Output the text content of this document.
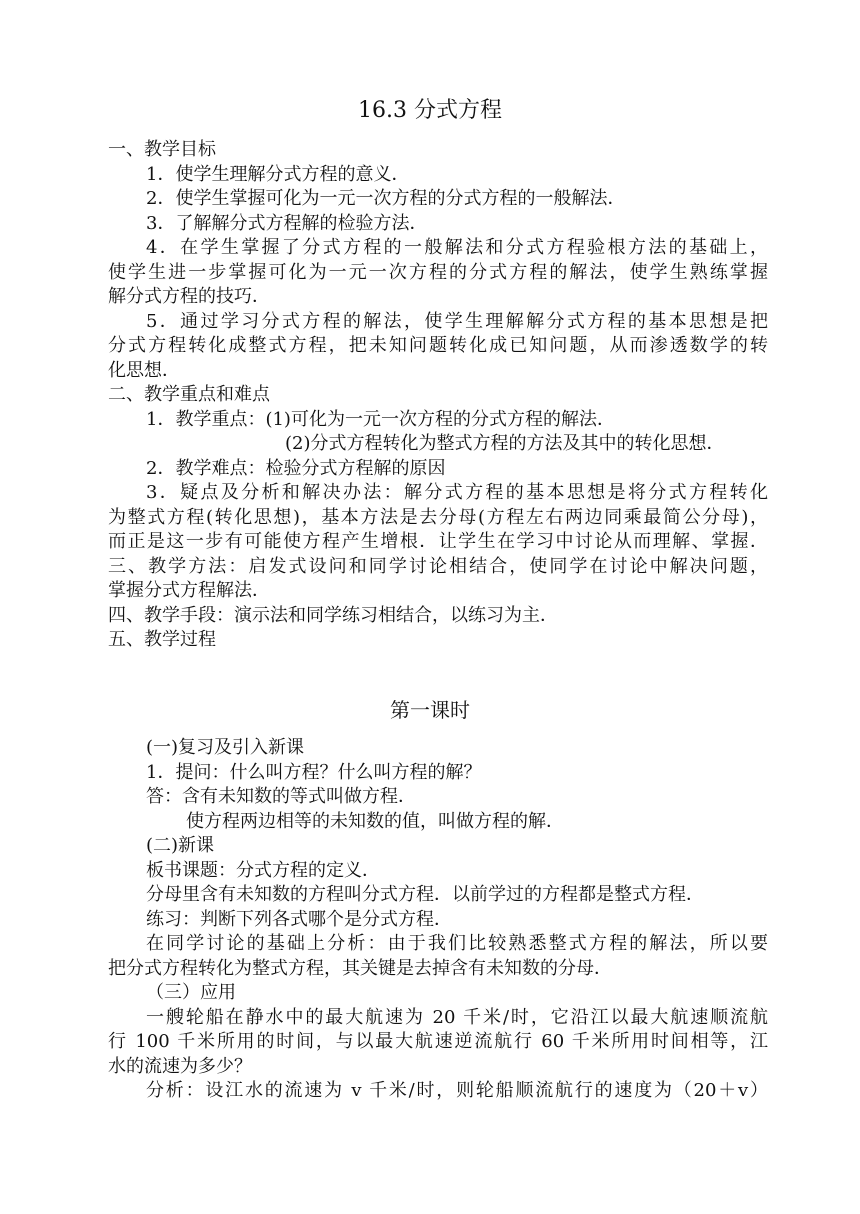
16.3 分式方程
一、教学目标
1．使学生理解分式方程的意义．
2．使学生掌握可化为一元一次方程的分式方程的一般解法．
3．了解解分式方程解的检验方法．
4．在学生掌握了分式方程的一般解法和分式方程验根方法的基础上，
使学生进一步掌握可化为一元一次方程的分式方程的解法，使学生熟练掌握
解分式方程的技巧．
5．通过学习分式方程的解法，使学生理解解分式方程的基本思想是把
分式方程转化成整式方程，把未知问题转化成已知问题，从而渗透数学的转
化思想．
二、教学重点和难点
1．教学重点：(1)可化为一元一次方程的分式方程的解法．
(2)分式方程转化为整式方程的方法及其中的转化思想．
2．教学难点：检验分式方程解的原因
3．疑点及分析和解决办法：解分式方程的基本思想是将分式方程转化
为整式方程(转化思想)，基本方法是去分母(方程左右两边同乘最简公分母)，
而正是这一步有可能使方程产生增根．让学生在学习中讨论从而理解、掌握．
三、教学方法：启发式设问和同学讨论相结合，使同学在讨论中解决问题，
掌握分式方程解法．
四、教学手段：演示法和同学练习相结合，以练习为主．
五、教学过程
第一课时
(一)复习及引入新课
1．提问：什么叫方程？什么叫方程的解？
答：含有未知数的等式叫做方程．
使方程两边相等的未知数的值，叫做方程的解．
(二)新课
板书课题：分式方程的定义．
分母里含有未知数的方程叫分式方程．以前学过的方程都是整式方程．
练习：判断下列各式哪个是分式方程．
在同学讨论的基础上分析：由于我们比较熟悉整式方程的解法，所以要
把分式方程转化为整式方程，其关键是去掉含有未知数的分母．
（三）应用
一艘轮船在静水中的最大航速为 20 千米/时，它沿江以最大航速顺流航
行 100 千米所用的时间，与以最大航速逆流航行 60 千米所用时间相等，江
水的流速为多少？
分析：设江水的流速为 v 千米/时，则轮船顺流航行的速度为（20＋v）
